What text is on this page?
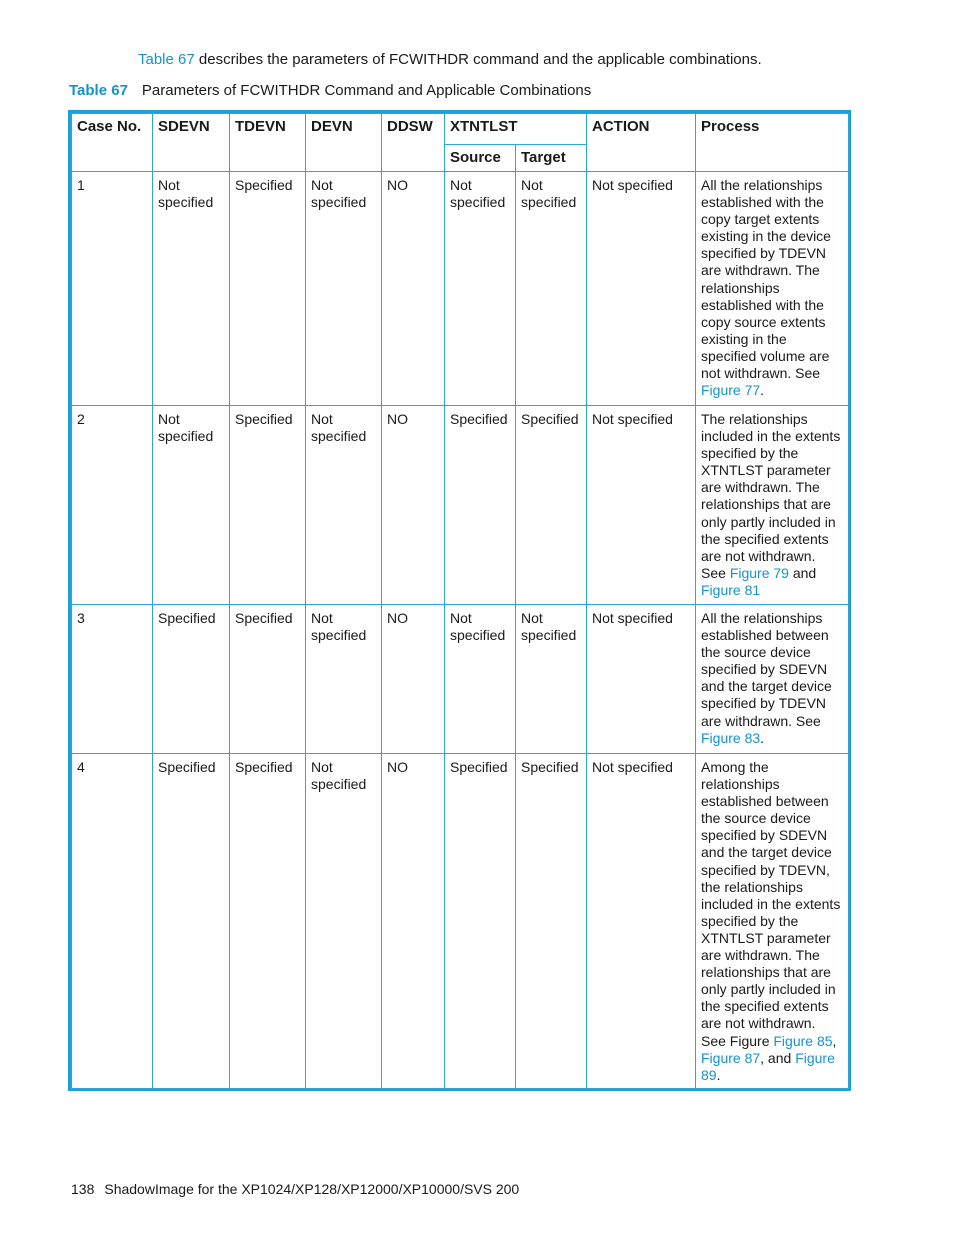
Table 67 describes the parameters of FCWITHDR command and the applicable combinations.
Table 67 Parameters of FCWITHDR Command and Applicable Combinations
Case No.	SDEVN	TDEVN	DEVN	DDSW	XTNTLST		ACTION	Process
					Source	Target		
1	Not specified	Specified	Not specified	NO	Not specified	Not specified	Not specified	All the relationships established with the copy target extents existing in the device specified by TDEVN are withdrawn. The relationships established with the copy source extents existing in the specified volume are not withdrawn. See Figure 77.
2	Not specified	Specified	Not specified	NO	Specified	Specified	Not specified	The relationships included in the extents specified by the XTNTLST parameter are withdrawn. The relationships that are only partly included in the specified extents are not withdrawn. See Figure 79 and Figure 81
3	Specified	Specified	Not specified	NO	Not specified	Not specified	Not specified	All the relationships established between the source device specified by SDEVN and the target device specified by TDEVN are withdrawn. See Figure 83.
4	Specified	Specified	Not specified	NO	Specified	Specified	Not specified	Among the relationships established between the source device specified by SDEVN and the target device specified by TDEVN, the relationships included in the extents specified by the XTNTLST parameter are withdrawn. The relationships that are only partly included in the specified extents are not withdrawn. See Figure Figure 85, Figure 87, and Figure 89.
138 ShadowImage for the XP1024/XP128/XP12000/XP10000/SVS 200
